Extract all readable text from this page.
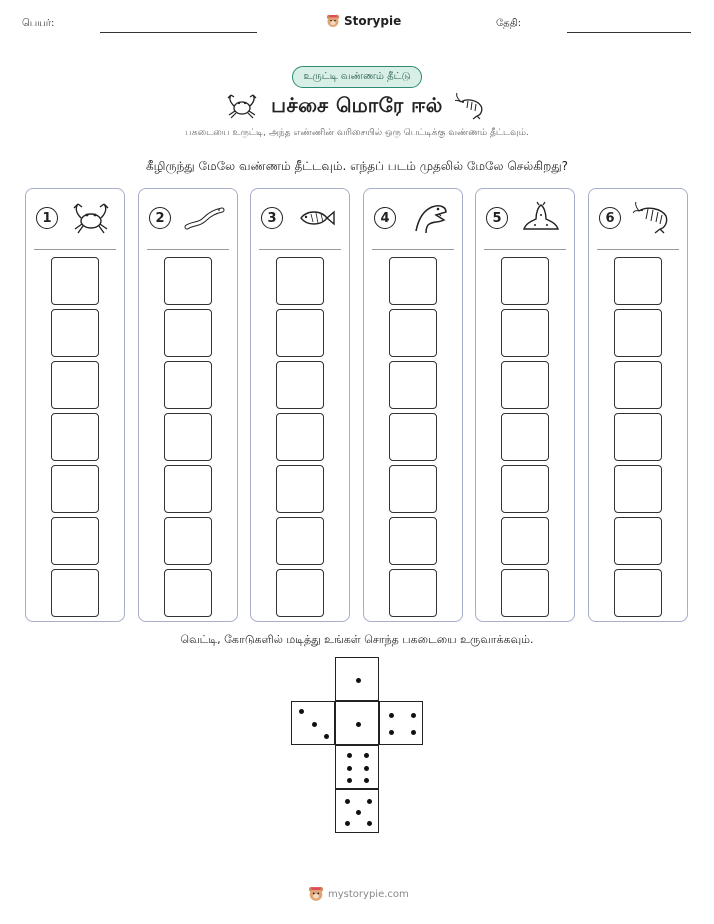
பெயர்:	Storypie	தேதி:
உருட்டி வண்ணம் தீட்டு
பச்சை மொரே ஈல்
பகடையை உருட்டி, அந்த எண்ணின் வரிசையில் ஒரு பெட்டிக்கு வண்ணம் தீட்டவும்.
கீழிருந்து மேலே வண்ணம் தீட்டவும். எந்தப் படம் முதலில் மேலே செல்கிறது?
1	2	3	4	5	6
வெட்டி, கோடுகளில் மடித்து உங்கள் சொந்த பகடையை உருவாக்கவும்.
mystorypie.com
